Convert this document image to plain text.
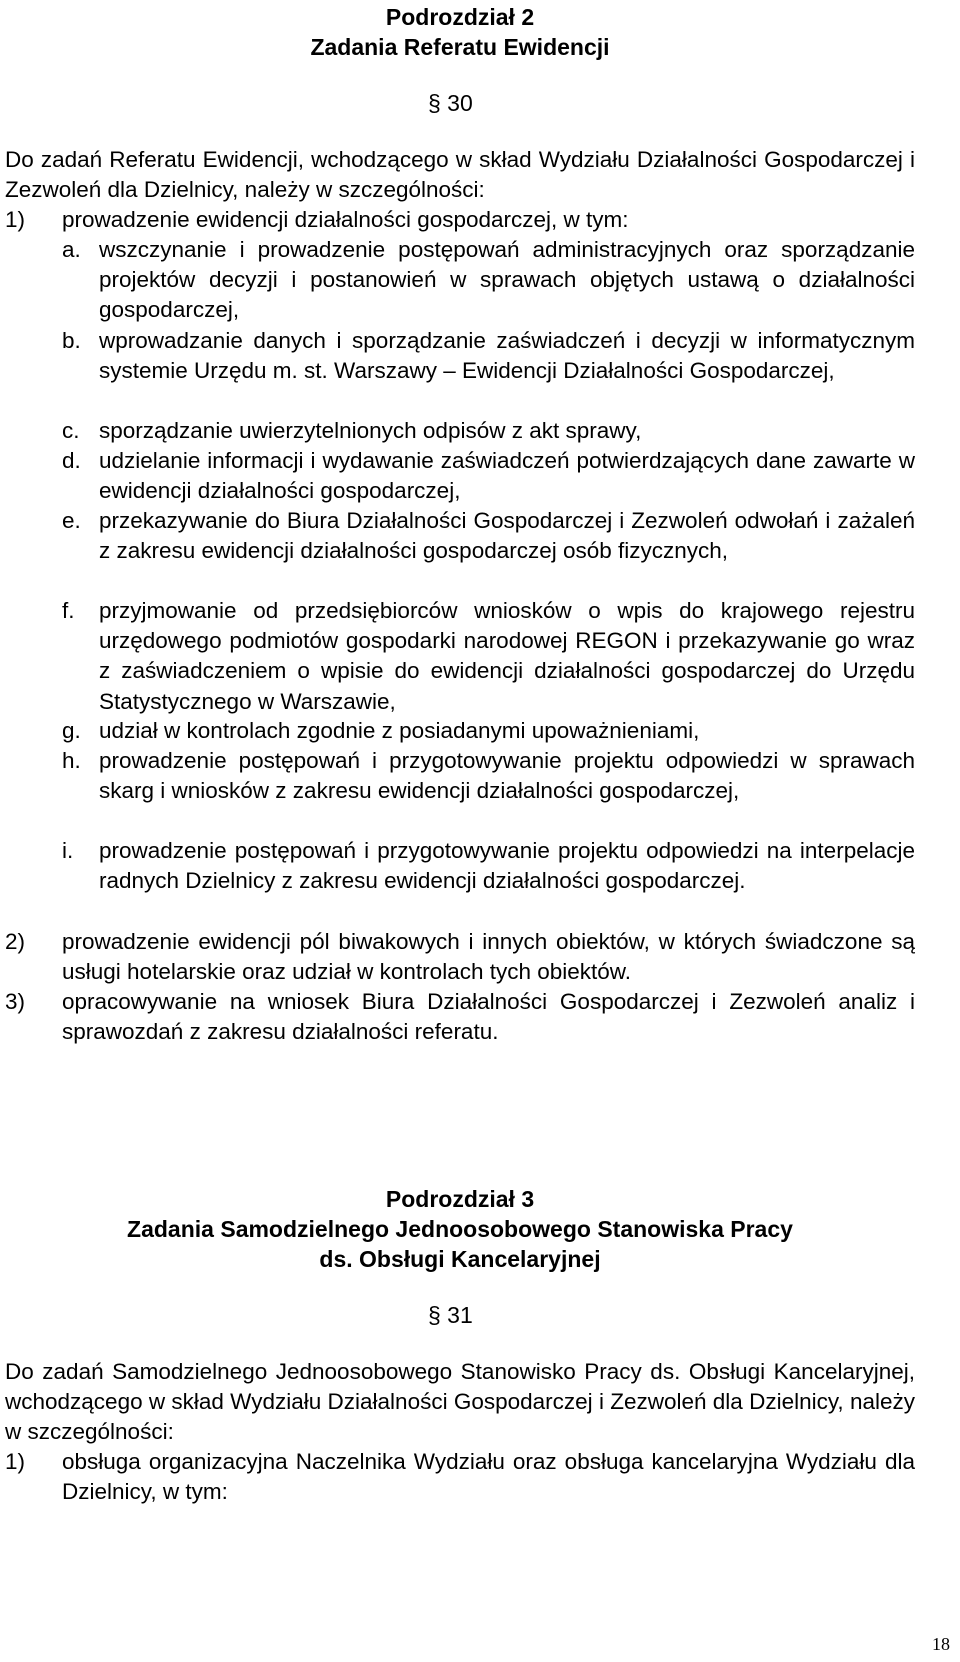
Podrozdział 2
Zadania Referatu Ewidencji
§ 30
Do zadań Referatu Ewidencji, wchodzącego w skład Wydziału Działalności Gospodarczej i Zezwoleń dla Dzielnicy, należy w szczególności:
1) prowadzenie ewidencji działalności gospodarczej, w tym:
a. wszczynanie i prowadzenie postępowań administracyjnych oraz sporządzanie projektów decyzji i postanowień w sprawach objętych ustawą o działalności gospodarczej,
b. wprowadzanie danych i sporządzanie zaświadczeń i decyzji w informatycznym systemie Urzędu m. st. Warszawy – Ewidencji Działalności Gospodarczej,
c. sporządzanie uwierzytelnionych odpisów z akt sprawy,
d. udzielanie informacji i wydawanie zaświadczeń potwierdzających dane zawarte w ewidencji działalności gospodarczej,
e. przekazywanie do Biura Działalności Gospodarczej i Zezwoleń odwołań i zażaleń z zakresu ewidencji działalności gospodarczej osób fizycznych,
f. przyjmowanie od przedsiębiorców wniosków o wpis do krajowego rejestru urzędowego podmiotów gospodarki narodowej REGON i przekazywanie go wraz z zaświadczeniem o wpisie do ewidencji działalności gospodarczej do Urzędu Statystycznego w Warszawie,
g. udział w kontrolach zgodnie z posiadanymi upoważnieniami,
h. prowadzenie postępowań i przygotowywanie projektu odpowiedzi w sprawach skarg i wniosków z zakresu ewidencji działalności gospodarczej,
i. prowadzenie postępowań i przygotowywanie projektu odpowiedzi na interpelacje radnych Dzielnicy z zakresu ewidencji działalności gospodarczej.
2) prowadzenie ewidencji pól biwakowych i innych obiektów, w których świadczone są usługi hotelarskie oraz udział w kontrolach tych obiektów.
3) opracowywanie na wniosek Biura Działalności Gospodarczej i Zezwoleń analiz i sprawozdań z zakresu działalności referatu.
Podrozdział 3
Zadania Samodzielnego Jednoosobowego Stanowiska Pracy
ds. Obsługi Kancelaryjnej
§ 31
Do zadań Samodzielnego Jednoosobowego Stanowisko Pracy ds. Obsługi Kancelaryjnej, wchodzącego w skład Wydziału Działalności Gospodarczej i Zezwoleń dla Dzielnicy, należy w szczególności:
1) obsługa organizacyjna Naczelnika Wydziału oraz obsługa kancelaryjna Wydziału dla Dzielnicy, w tym:
18
